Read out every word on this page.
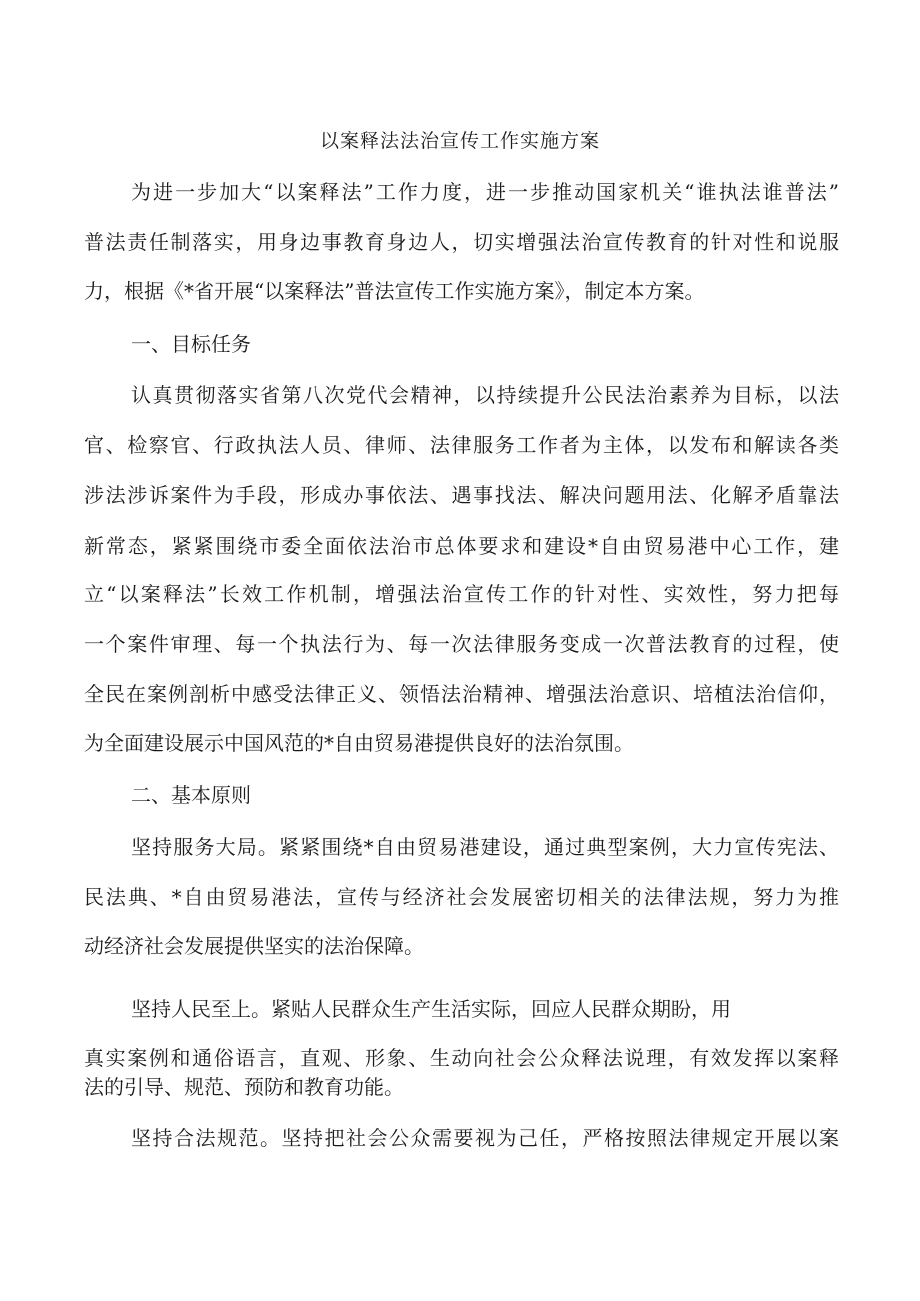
以案释法法治宣传工作实施方案
为进一步加大“以案释法”工作力度，进一步推动国家机关“谁执法谁普法”
普法责任制落实，用身边事教育身边人，切实增强法治宣传教育的针对性和说服
力，根据《*省开展“以案释法”普法宣传工作实施方案》，制定本方案。
一、目标任务
认真贯彻落实省第八次党代会精神，以持续提升公民法治素养为目标，以法
官、检察官、行政执法人员、律师、法律服务工作者为主体，以发布和解读各类
涉法涉诉案件为手段，形成办事依法、遇事找法、解决问题用法、化解矛盾靠法
新常态，紧紧围绕市委全面依法治市总体要求和建设*自由贸易港中心工作，建
立“以案释法”长效工作机制，增强法治宣传工作的针对性、实效性，努力把每
一个案件审理、每一个执法行为、每一次法律服务变成一次普法教育的过程，使
全民在案例剖析中感受法律正义、领悟法治精神、增强法治意识、培植法治信仰，
为全面建设展示中国风范的*自由贸易港提供良好的法治氛围。
二、基本原则
坚持服务大局。紧紧围绕*自由贸易港建设，通过典型案例，大力宣传宪法、
民法典、*自由贸易港法，宣传与经济社会发展密切相关的法律法规，努力为推
动经济社会发展提供坚实的法治保障。
坚持人民至上。紧贴人民群众生产生活实际，回应人民群众期盼，用
真实案例和通俗语言，直观、形象、生动向社会公众释法说理，有效发挥以案释
法的引导、规范、预防和教育功能。
坚持合法规范。坚持把社会公众需要视为己任，严格按照法律规定开展以案
